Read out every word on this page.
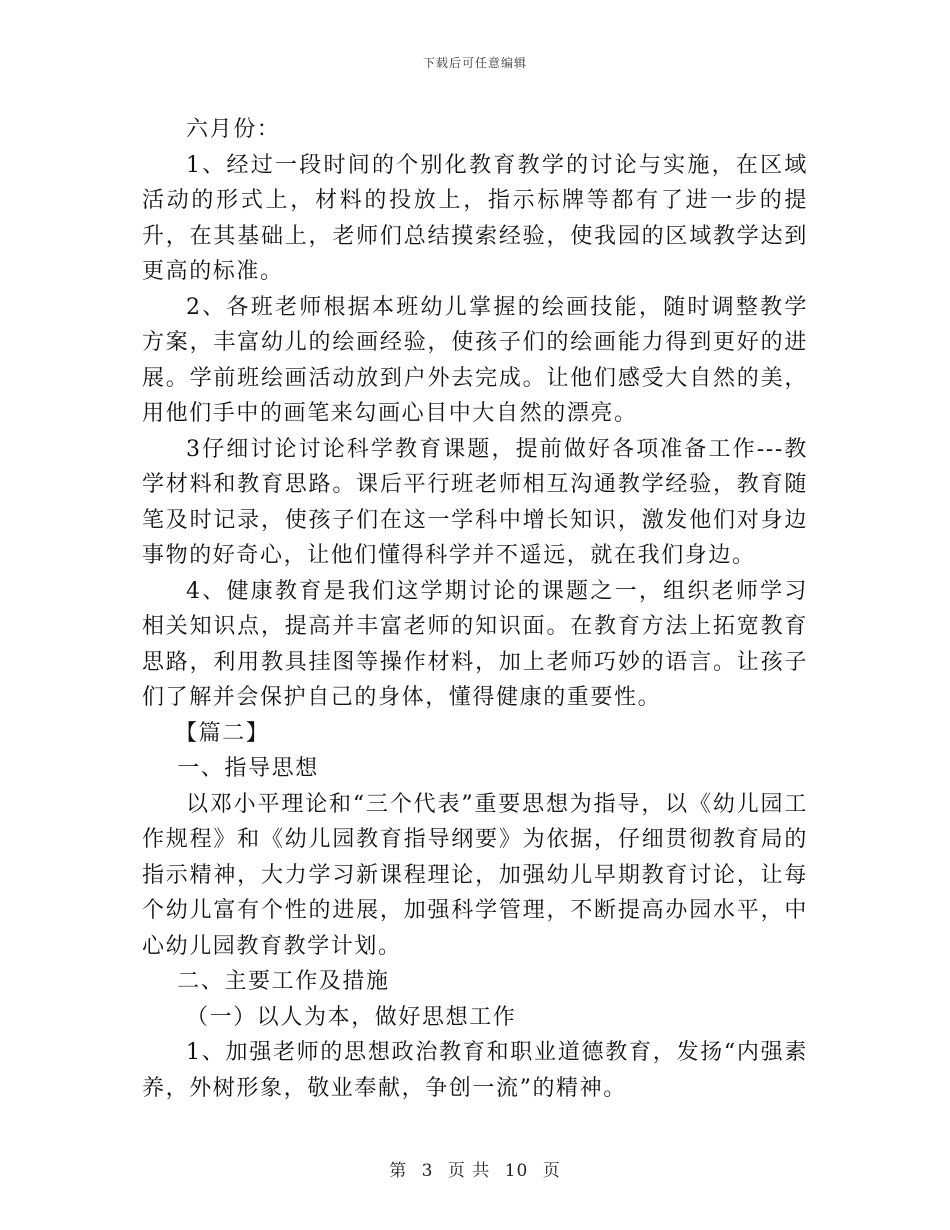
下载后可任意编辑

六月份：

1、经过一段时间的个别化教育教学的讨论与实施，在区域活动的形式上，材料的投放上，指示标牌等都有了进一步的提升，在其基础上，老师们总结摸索经验，使我园的区域教学达到更高的标准。

2、各班老师根据本班幼儿掌握的绘画技能，随时调整教学方案，丰富幼儿的绘画经验，使孩子们的绘画能力得到更好的进展。学前班绘画活动放到户外去完成。让他们感受大自然的美，用他们手中的画笔来勾画心目中大自然的漂亮。

3仔细讨论讨论科学教育课题，提前做好各项准备工作---教学材料和教育思路。课后平行班老师相互沟通教学经验，教育随笔及时记录，使孩子们在这一学科中增长知识，激发他们对身边事物的好奇心，让他们懂得科学并不遥远，就在我们身边。

4、健康教育是我们这学期讨论的课题之一，组织老师学习相关知识点，提高并丰富老师的知识面。在教育方法上拓宽教育思路，利用教具挂图等操作材料，加上老师巧妙的语言。让孩子们了解并会保护自己的身体，懂得健康的重要性。

【篇二】

一、指导思想

以邓小平理论和“三个代表”重要思想为指导，以《幼儿园工作规程》和《幼儿园教育指导纲要》为依据，仔细贯彻教育局的指示精神，大力学习新课程理论，加强幼儿早期教育讨论，让每个幼儿富有个性的进展，加强科学管理，不断提高办园水平，中心幼儿园教育教学计划。

二、主要工作及措施

（一）以人为本，做好思想工作

1、加强老师的思想政治教育和职业道德教育，发扬“内强素养，外树形象，敬业奉献，争创一流”的精神。

第 3 页 共 10 页
